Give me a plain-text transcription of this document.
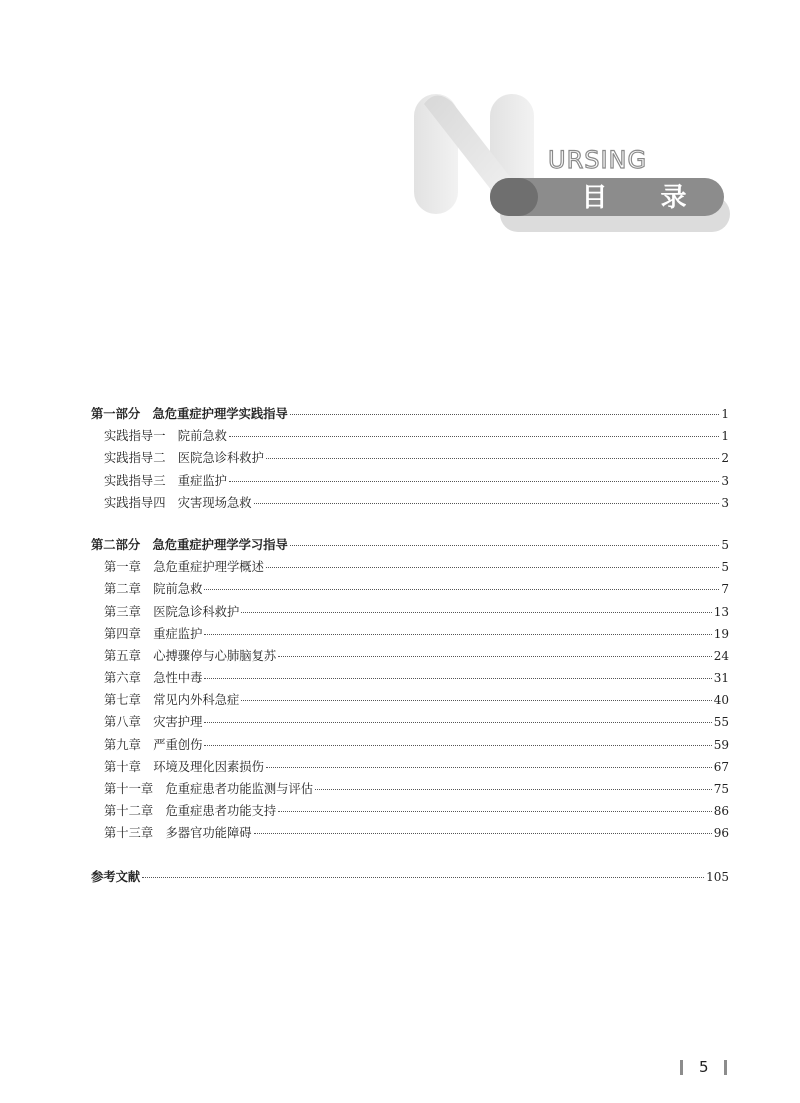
URSING
目 录
第一部分　急危重症护理学实践指导	1
实践指导一　院前急救	1
实践指导二　医院急诊科救护	2
实践指导三　重症监护	3
实践指导四　灾害现场急救	3
第二部分　急危重症护理学学习指导	5
第一章　急危重症护理学概述	5
第二章　院前急救	7
第三章　医院急诊科救护	13
第四章　重症监护	19
第五章　心搏骤停与心肺脑复苏	24
第六章　急性中毒	31
第七章　常见内外科急症	40
第八章　灾害护理	55
第九章　严重创伤	59
第十章　环境及理化因素损伤	67
第十一章　危重症患者功能监测与评估	75
第十二章　危重症患者功能支持	86
第十三章　多器官功能障碍	96
参考文献	105
5
